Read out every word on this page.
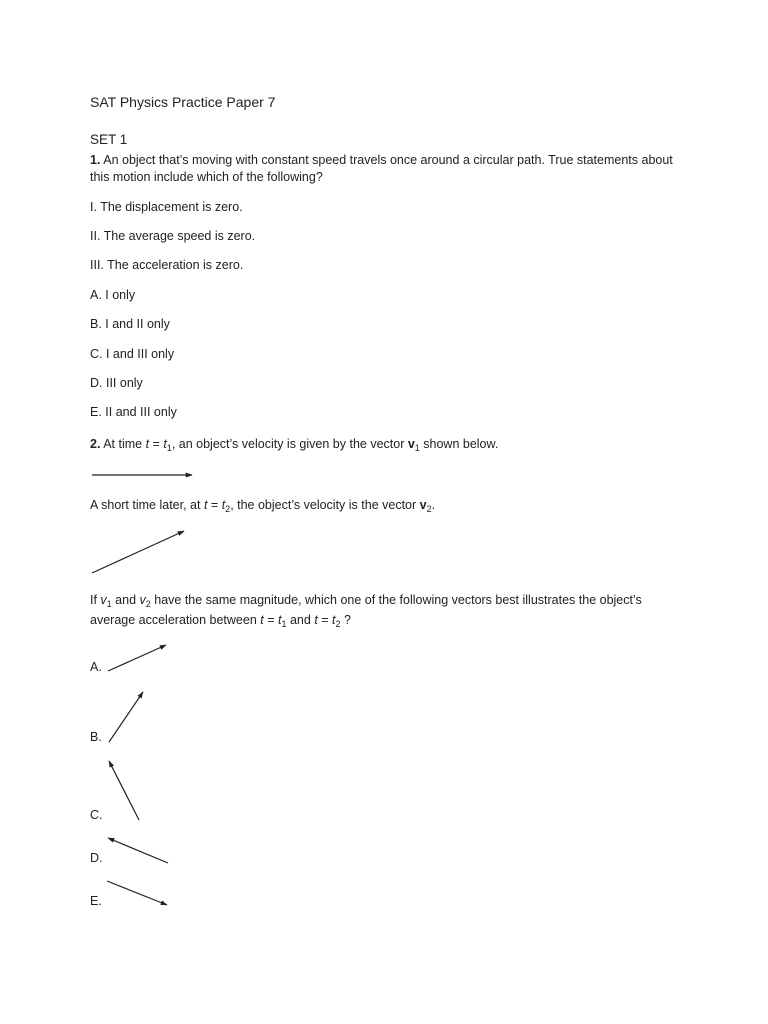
SAT Physics Practice Paper 7
SET 1
1. An object that’s moving with constant speed travels once around a circular path. True statements about this motion include which of the following?
I. The displacement is zero.
II. The average speed is zero.
III. The acceleration is zero.
A. I only
B. I and II only
C. I and III only
D. III only
E. II and III only
2. At time $t = t_1$, an object’s velocity is given by the vector $v_1$ shown below.
A short time later, at $t = t_2$, the object’s velocity is the vector $v_2$.
If $v_1$ and $v_2$ have the same magnitude, which one of the following vectors best illustrates the object’s
average acceleration between $t = t_1$ and $t = t_2$ ?
A.
B.
C.
D.
E.
